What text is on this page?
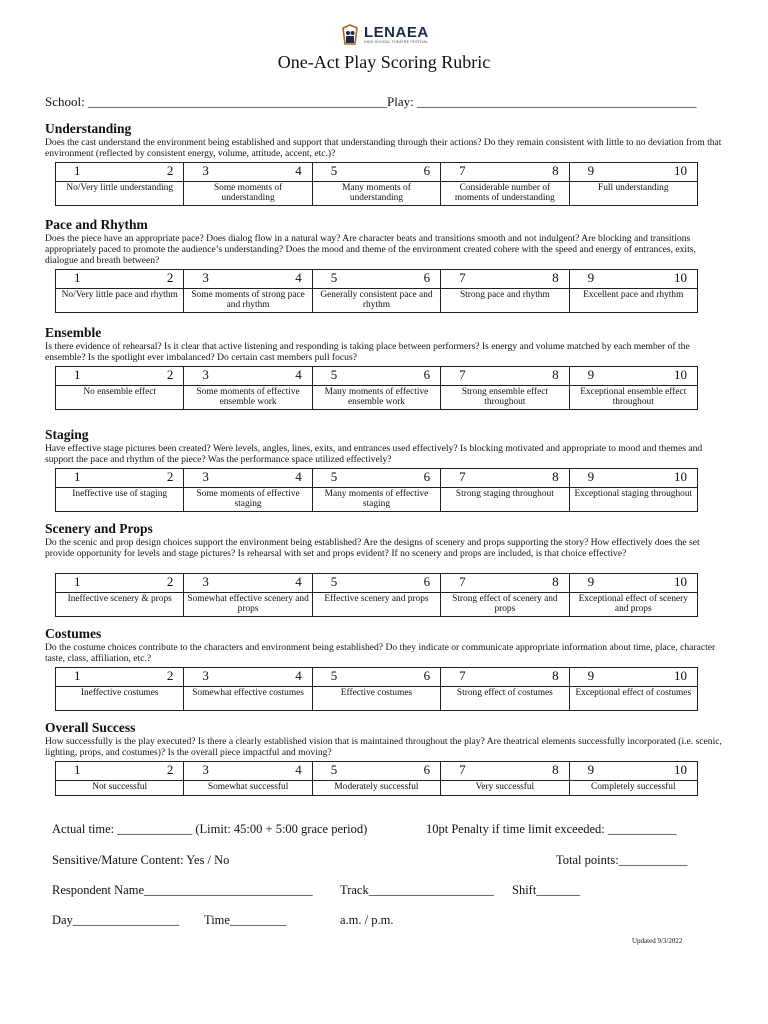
LENAEA
HIGH SCHOOL THEATRE FESTIVAL
One-Act Play Scoring Rubric
School: ______________________________________________Play: ___________________________________________
Understanding
Does the cast understand the environment being established and support that understanding through their actions? Do they remain consistent with little to no deviation from that environment (reflected by consistent energy, volume, attitude, accent, etc.)?
1 2	3 4	5 6	7 8	9 10

No/Very little understanding	Some moments of understanding	Many moments of understanding	Considerable number of moments of understanding	Full understanding
Pace and Rhythm
Does the piece have an appropriate pace? Does dialog flow in a natural way? Are character beats and transitions smooth and not indulgent? Are blocking and transitions appropriately paced to promote the audience’s understanding? Does the mood and theme of the environment created cohere with the speed and energy of entrances, exits, dialogue and breath between?
1 2	3 4	5 6	7 8	9 10

No/Very little pace and rhythm	Some moments of strong pace and rhythm	Generally consistent pace and rhythm	Strong pace and rhythm	Excellent pace and rhythm
Ensemble
Is there evidence of rehearsal? Is it clear that active listening and responding is taking place between performers? Is energy and volume matched by each member of the ensemble? Is the spotlight ever imbalanced? Do certain cast members pull focus?
1 2	3 4	5 6	7 8	9 10

No ensemble effect	Some moments of effective ensemble work	Many moments of effective ensemble work	Strong ensemble effect throughout	Exceptional ensemble effect throughout
Staging
Have effective stage pictures been created? Were levels, angles, lines, exits, and entrances used effectively? Is blocking motivated and appropriate to mood and themes and support the pace and rhythm of the piece? Was the performance space utilized effectively?
1 2	3 4	5 6	7 8	9 10

Ineffective use of staging	Some moments of effective staging	Many moments of effective staging	Strong staging throughout	Exceptional staging throughout
Scenery and Props
Do the scenic and prop design choices support the environment being established? Are the designs of scenery and props supporting the story? How effectively does the set provide opportunity for levels and stage pictures? Is rehearsal with set and props evident? If no scenery and props are included, is that choice effective?
1 2	3 4	5 6	7 8	9 10

Ineffective scenery & props	Somewhat effective scenery and props	Effective scenery and props	Strong effect of scenery and props	Exceptional effect of scenery and props
Costumes
Do the costume choices contribute to the characters and environment being established? Do they indicate or communicate appropriate information about time, place, character taste, class, affiliation, etc.?
1 2	3 4	5 6	7 8	9 10

Ineffective costumes	Somewhat effective costumes	Effective costumes	Strong effect of costumes	Exceptional effect of costumes
Overall Success
How successfully is the play executed? Is there a clearly established vision that is maintained throughout the play? Are theatrical elements successfully incorporated (i.e. scenic, lighting, props, and costumes)? Is the overall piece impactful and moving?
1 2	3 4	5 6	7 8	9 10

Not successful	Somewhat successful	Moderately successful	Very successful	Completely successful
Actual time: ____________ (Limit: 45:00 + 5:00 grace period)	10pt Penalty if time limit exceeded: ___________
Sensitive/Mature Content: Yes / No	Total points:___________
Respondent Name___________________________ Track____________________ Shift_______
Day_________________ Time_________	a.m. / p.m.
Updated 9/3/2022
